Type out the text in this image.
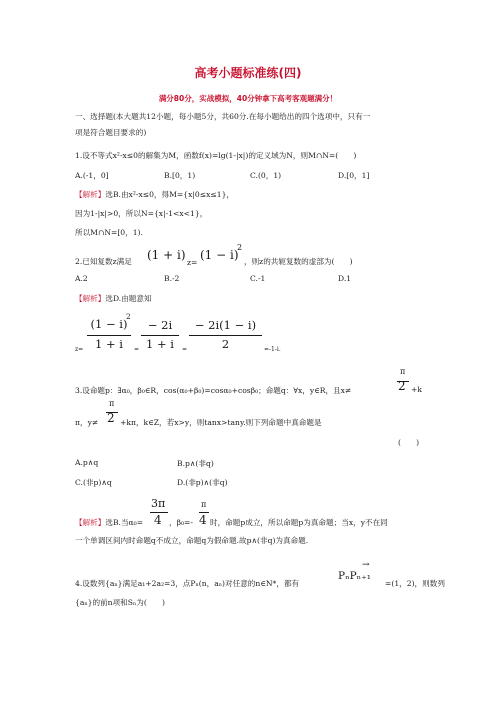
高考小题标准练(四)
满分80分，实战模拟，40分钟拿下高考客观题满分！
一、选择题(本大题共12小题，每小题5分，共60分.在每小题给出的四个选项中，只有一
项是符合题目要求的)
1.设不等式x²-x≤0的解集为M，函数f(x)=lg(1-|x|)的定义域为N，则M∩N=(　　)
A.(-1，0]	B.[0，1)	C.(0，1)	D.[0，1]
【解析】选B.由x²-x≤0，得M={x|0≤x≤1}，
因为1-|x|>0，所以N={x|-1<x<1}，
所以M∩N=[0，1).
2.已知复数z满足 (1 + i)
z=
(1 − i)
2
，则z的共轭复数的虚部为(　　)
A.2	B.-2	C.-1	D.1
【解析】选D.由题意知
z=
(1 − i)
2
1 + i	=
− 2i
1 + i	=
− 2i(1 − i)
2	=-1-i.
π
3.设命题p：∃α₀，β₀∈R，cos(α₀+β₀)=cosα₀+cosβ₀；命题q：∀x，y∈R，且x≠	2 +k
π
2
π，y≠	+kπ，k∈Z，若x>y，则tanx>tany.则下列命题中真命题是
(　　)
A.p∧q	B.p∧(非q)
C.(非p)∧q	D.(非p)∧(非q)
3π
4
π
4
【解析】选B.当α₀=	，β₀=- 时，命题p成立，所以命题p为真命题；当x，y不在同
一个单调区间内时命题q不成立，命题q为假命题.故p∧(非q)为真命题.
→
4.设数列{aₙ}满足a₁+2a₂=3，点Pₙ(n，aₙ)对任意的n∈N*，都有
PₙPₙ₊₁
=(1，2)，则数列
{aₙ}的前n项和Sₙ为(　　)
